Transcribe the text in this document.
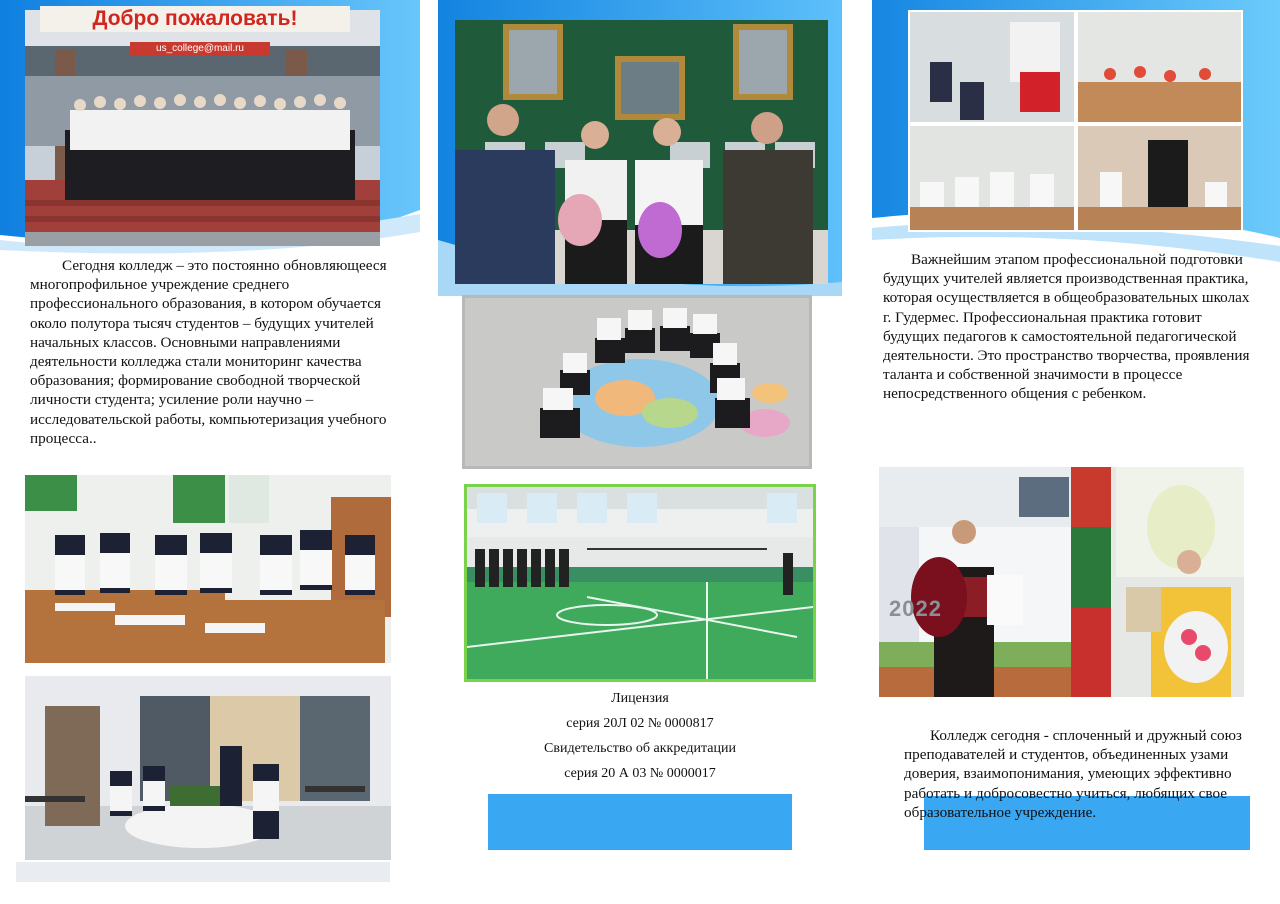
Добро пожаловать!
us_college@mail.ru

Сегодня колледж – это постоянно обновляющееся многопрофильное учреждение среднего профессионального образования, в котором обучается около полутора тысяч студентов – будущих учителей начальных классов. Основными направлениями деятельности колледжа стали мониторинг качества образования; формирование свободной творческой личности студента; усиление роли научно – исследовательской работы, компьютеризация учебного процесса..

Лицензия
серия 20Л 02 № 0000817
Свидетельство об аккредитации
серия 20 А 03 № 0000017

Важнейшим этапом профессиональной подготовки будущих учителей является производственная практика, которая осуществляется в общеобразовательных школах г. Гудермес. Профессиональная практика готовит будущих педагогов к самостоятельной педагогической деятельности. Это пространство творчества, проявления таланта и собственной значимости в процессе непосредственного общения с ребенком.

2022

Колледж сегодня - сплоченный и дружный союз преподавателей и студентов, объединенных узами доверия, взаимопонимания, умеющих эффективно работать и добросовестно учиться, любящих свое образовательное учреждение.
